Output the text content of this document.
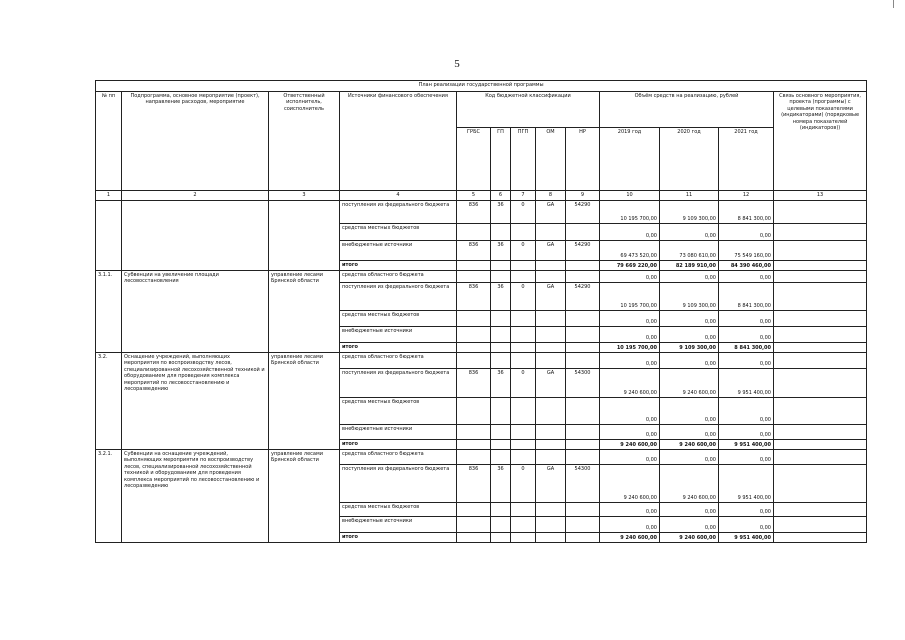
5
План реализации государственной программы												
№ пп	Подпрограмма, основное мероприятие (проект), направление расходов, мероприятие	Ответственный исполнитель, соисполнитель	Источники финансового обеспечения	Код бюджетной классификации					Объём средств на реализацию, рублей			Связь основного мероприятия, проекта (программы) с целевыми показателями (индикаторами) (порядковые номера показателей (индикаторов))
				ГРБС	ГП	ПГП	ОМ	НР	2019 год	2020 год	2021 год	
1	2	3	4	5	6	7	8	9	10	11	12	13
			поступления из федерального бюджета	836	36	0	GA	54290	10 195 700,00	9 109 300,00	8 841 300,00	
			средства местных бюджетов						0,00	0,00	0,00	
			внебюджетные источники	836	36	0	GA	54290	69 473 520,00	73 080 610,00	75 549 160,00	
			итого						79 669 220,00	82 189 910,00	84 390 460,00	
3.1.1.	Субвенции на увеличение площади лесовосстановления	управление лесами Брянской области	средства областного бюджета						0,00	0,00	0,00	
			поступления из федерального бюджета	836	36	0	GA	54290	10 195 700,00	9 109 300,00	8 841 300,00	
			средства местных бюджетов						0,00	0,00	0,00	
			внебюджетные источники						0,00	0,00	0,00	
			итого						10 195 700,00	9 109 300,00	8 841 300,00	
3.2.	Оснащение учреждений, выполняющих мероприятия по воспроизводству лесов, специализированной лесохозяйственной техникой и оборудованием для проведения комплекса мероприятий по лесовосстановлению и лесоразведению	управление лесами Брянской области	средства областного бюджета						0,00	0,00	0,00	
			поступления из федерального бюджета	836	36	0	GA	54300	9 240 600,00	9 240 600,00	9 951 400,00	
			средства местных бюджетов						0,00	0,00	0,00	
			внебюджетные источники						0,00	0,00	0,00	
			итого						9 240 600,00	9 240 600,00	9 951 400,00	
3.2.1.	Субвенции на оснащение учреждений, выполняющих мероприятия по воспроизводству лесов, специализированной лесохозяйственной техникой и оборудованием для проведения комплекса мероприятий по лесовосстановлению и лесоразведению	управление лесами Брянской области	средства областного бюджета						0,00	0,00	0,00	
			поступления из федерального бюджета	836	36	0	GA	54300	9 240 600,00	9 240 600,00	9 951 400,00	
			средства местных бюджетов						0,00	0,00	0,00	
			внебюджетные источники						0,00	0,00	0,00	
			итого						9 240 600,00	9 240 600,00	9 951 400,00	
